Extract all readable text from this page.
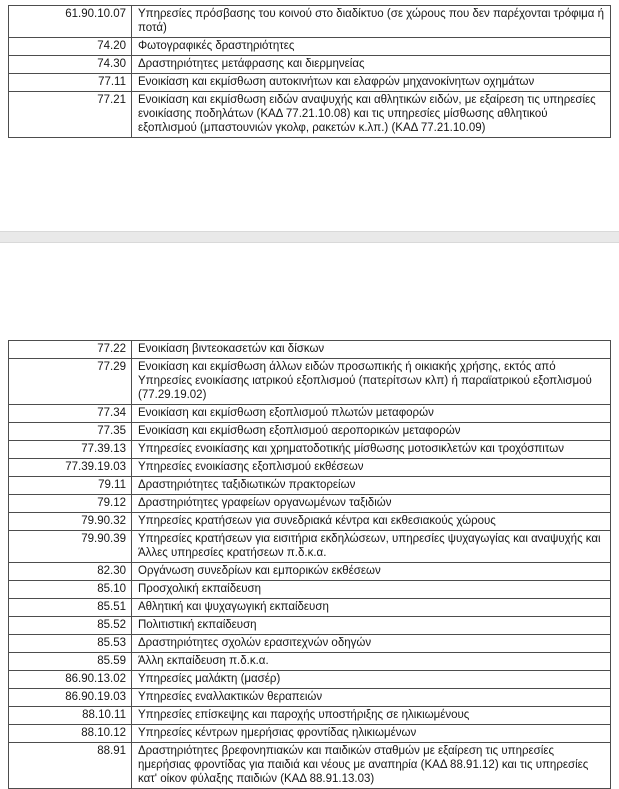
61.90.10.07	Υπηρεσίες πρόσβασης του κοινού στο διαδίκτυο (σε χώρους που δεν παρέχονται τρόφιμα ή ποτά)
74.20	Φωτογραφικές δραστηριότητες
74.30	Δραστηριότητες μετάφρασης και διερμηνείας
77.11	Ενοικίαση και εκμίσθωση αυτοκινήτων και ελαφρών μηχανοκίνητων οχημάτων
77.21	Ενοικίαση και εκμίσθωση ειδών αναψυχής και αθλητικών ειδών, με εξαίρεση τις υπηρεσίες ενοικίασης ποδηλάτων (ΚΑΔ 77.21.10.08) και τις υπηρεσίες μίσθωσης αθλητικού εξοπλισμού (μπαστουνιών γκολφ, ρακετών κ.λπ.) (ΚΑΔ 77.21.10.09)
77.22	Ενοικίαση βιντεοκασετών και δίσκων
77.29	Ενοικίαση και εκμίσθωση άλλων ειδών προσωπικής ή οικιακής χρήσης, εκτός από Υπηρεσίες ενοικίασης ιατρικού εξοπλισμού (πατερίτσων κλπ) ή παραϊατρικού εξοπλισμού (77.29.19.02)
77.34	Ενοικίαση και εκμίσθωση εξοπλισμού πλωτών μεταφορών
77.35	Ενοικίαση και εκμίσθωση εξοπλισμού αεροπορικών μεταφορών
77.39.13	Υπηρεσίες ενοικίασης και χρηματοδοτικής μίσθωσης μοτοσικλετών και τροχόσπιτων
77.39.19.03	Υπηρεσίες ενοικίασης εξοπλισμού εκθέσεων
79.11	Δραστηριότητες ταξιδιωτικών πρακτορείων
79.12	Δραστηριότητες γραφείων οργανωμένων ταξιδιών
79.90.32	Υπηρεσίες κρατήσεων για συνεδριακά κέντρα και εκθεσιακούς χώρους
79.90.39	Υπηρεσίες κρατήσεων για εισιτήρια εκδηλώσεων, υπηρεσίες ψυχαγωγίας και αναψυχής και Άλλες υπηρεσίες κρατήσεων π.δ.κ.α.
82.30	Οργάνωση συνεδρίων και εμπορικών εκθέσεων
85.10	Προσχολική εκπαίδευση
85.51	Αθλητική και ψυχαγωγική εκπαίδευση
85.52	Πολιτιστική εκπαίδευση
85.53	Δραστηριότητες σχολών ερασιτεχνών οδηγών
85.59	Άλλη εκπαίδευση π.δ.κ.α.
86.90.13.02	Υπηρεσίες μαλάκτη (μασέρ)
86.90.19.03	Υπηρεσίες εναλλακτικών θεραπειών
88.10.11	Υπηρεσίες επίσκεψης και παροχής υποστήριξης σε ηλικιωμένους
88.10.12	Υπηρεσίες κέντρων ημερήσιας φροντίδας ηλικιωμένων
88.91	Δραστηριότητες βρεφονηπιακών και παιδικών σταθμών με εξαίρεση τις υπηρεσίες ημερήσιας φροντίδας για παιδιά και νέους με αναπηρία (ΚΑΔ 88.91.12) και τις υπηρεσίες κατ' οίκον φύλαξης παιδιών (ΚΑΔ 88.91.13.03)
